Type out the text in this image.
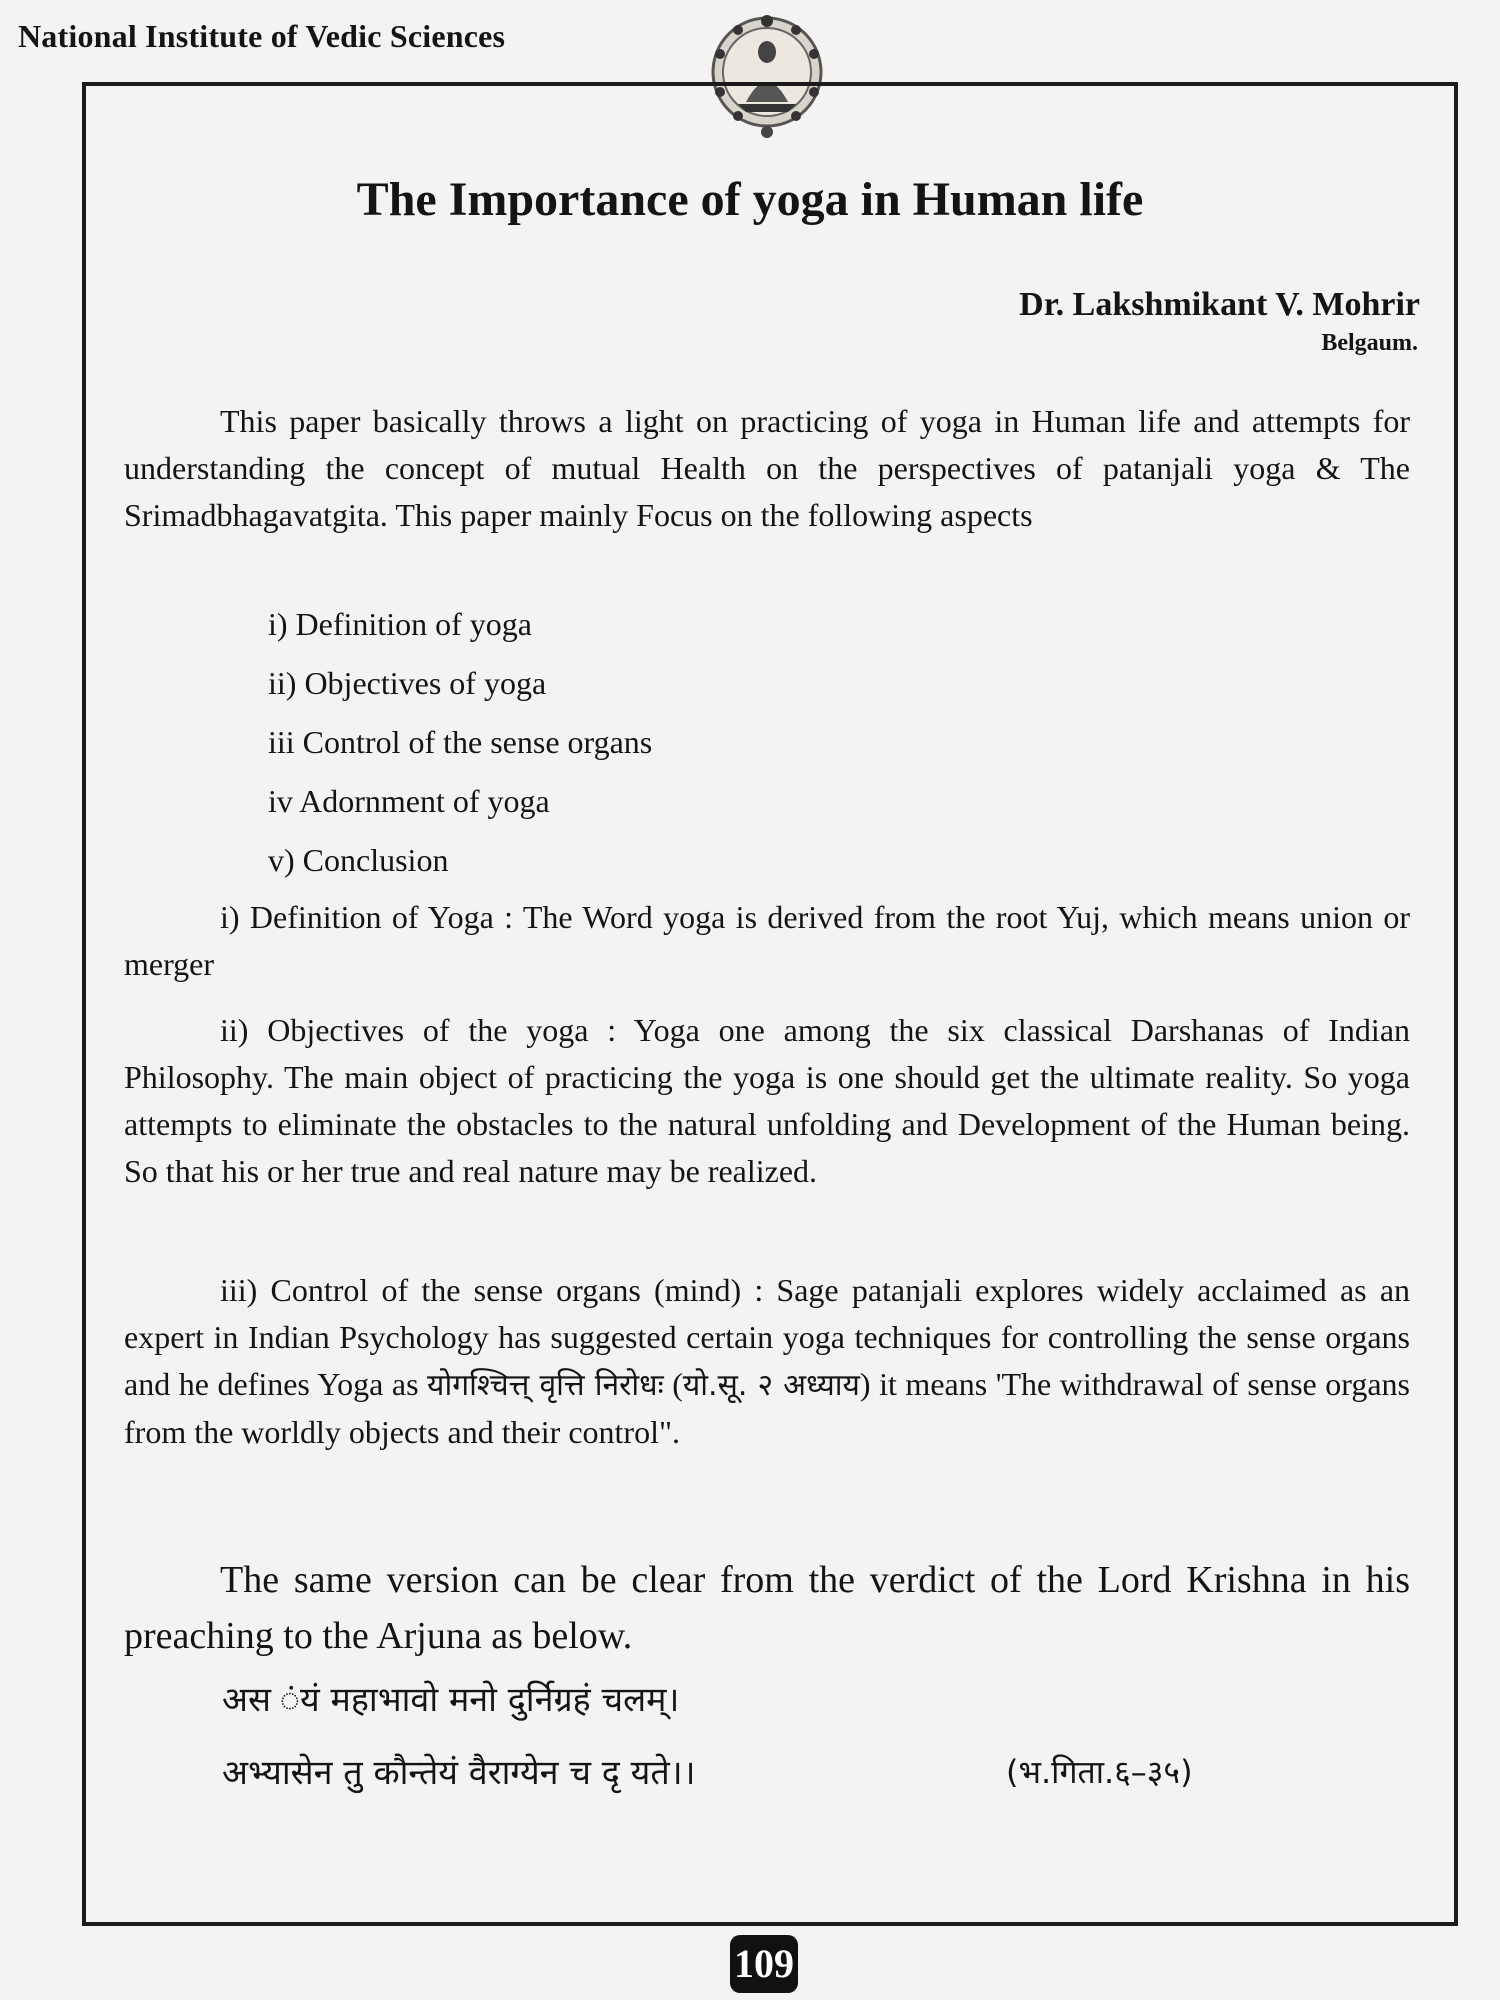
National Institute of Vedic Sciences
The Importance of yoga in Human life
Dr. Lakshmikant V. Mohrir
Belgaum.
This paper basically throws a light on practicing of yoga in Human life and attempts for understanding the concept of mutual Health on the perspectives of patanjali yoga & The Srimadbhagavatgita. This paper mainly Focus on the following aspects
i) Definition of yoga
ii) Objectives of yoga
iii Control of the sense organs
iv Adornment of yoga
v) Conclusion
i) Definition of Yoga : The Word yoga is derived from the root Yuj, which means union or merger
ii) Objectives of the yoga : Yoga one among the six classical Darshanas of Indian Philosophy. The main object of practicing the yoga is one should get the ultimate reality. So yoga attempts to eliminate the obstacles to the natural unfolding and Development of the Human being. So that his or her true and real nature may be realized.
iii) Control of the sense organs (mind) : Sage patanjali explores widely acclaimed as an expert in Indian Psychology has suggested certain yoga techniques for controlling the sense organs and he defines Yoga as योगश्चित्त् वृत्ति निरोधः (यो.सू. २ अध्याय) it means 'The withdrawal of sense organs from the worldly objects and their control".
The same version can be clear from the verdict of the Lord Krishna in his preaching to the Arjuna as below.
अस ंयं महाभावो मनो दुर्निग्रहं चलम्।
अभ्यासेन तु कौन्तेयं वैराग्येन च दृ यते।।	(भ.गिता.६–३५)
109
